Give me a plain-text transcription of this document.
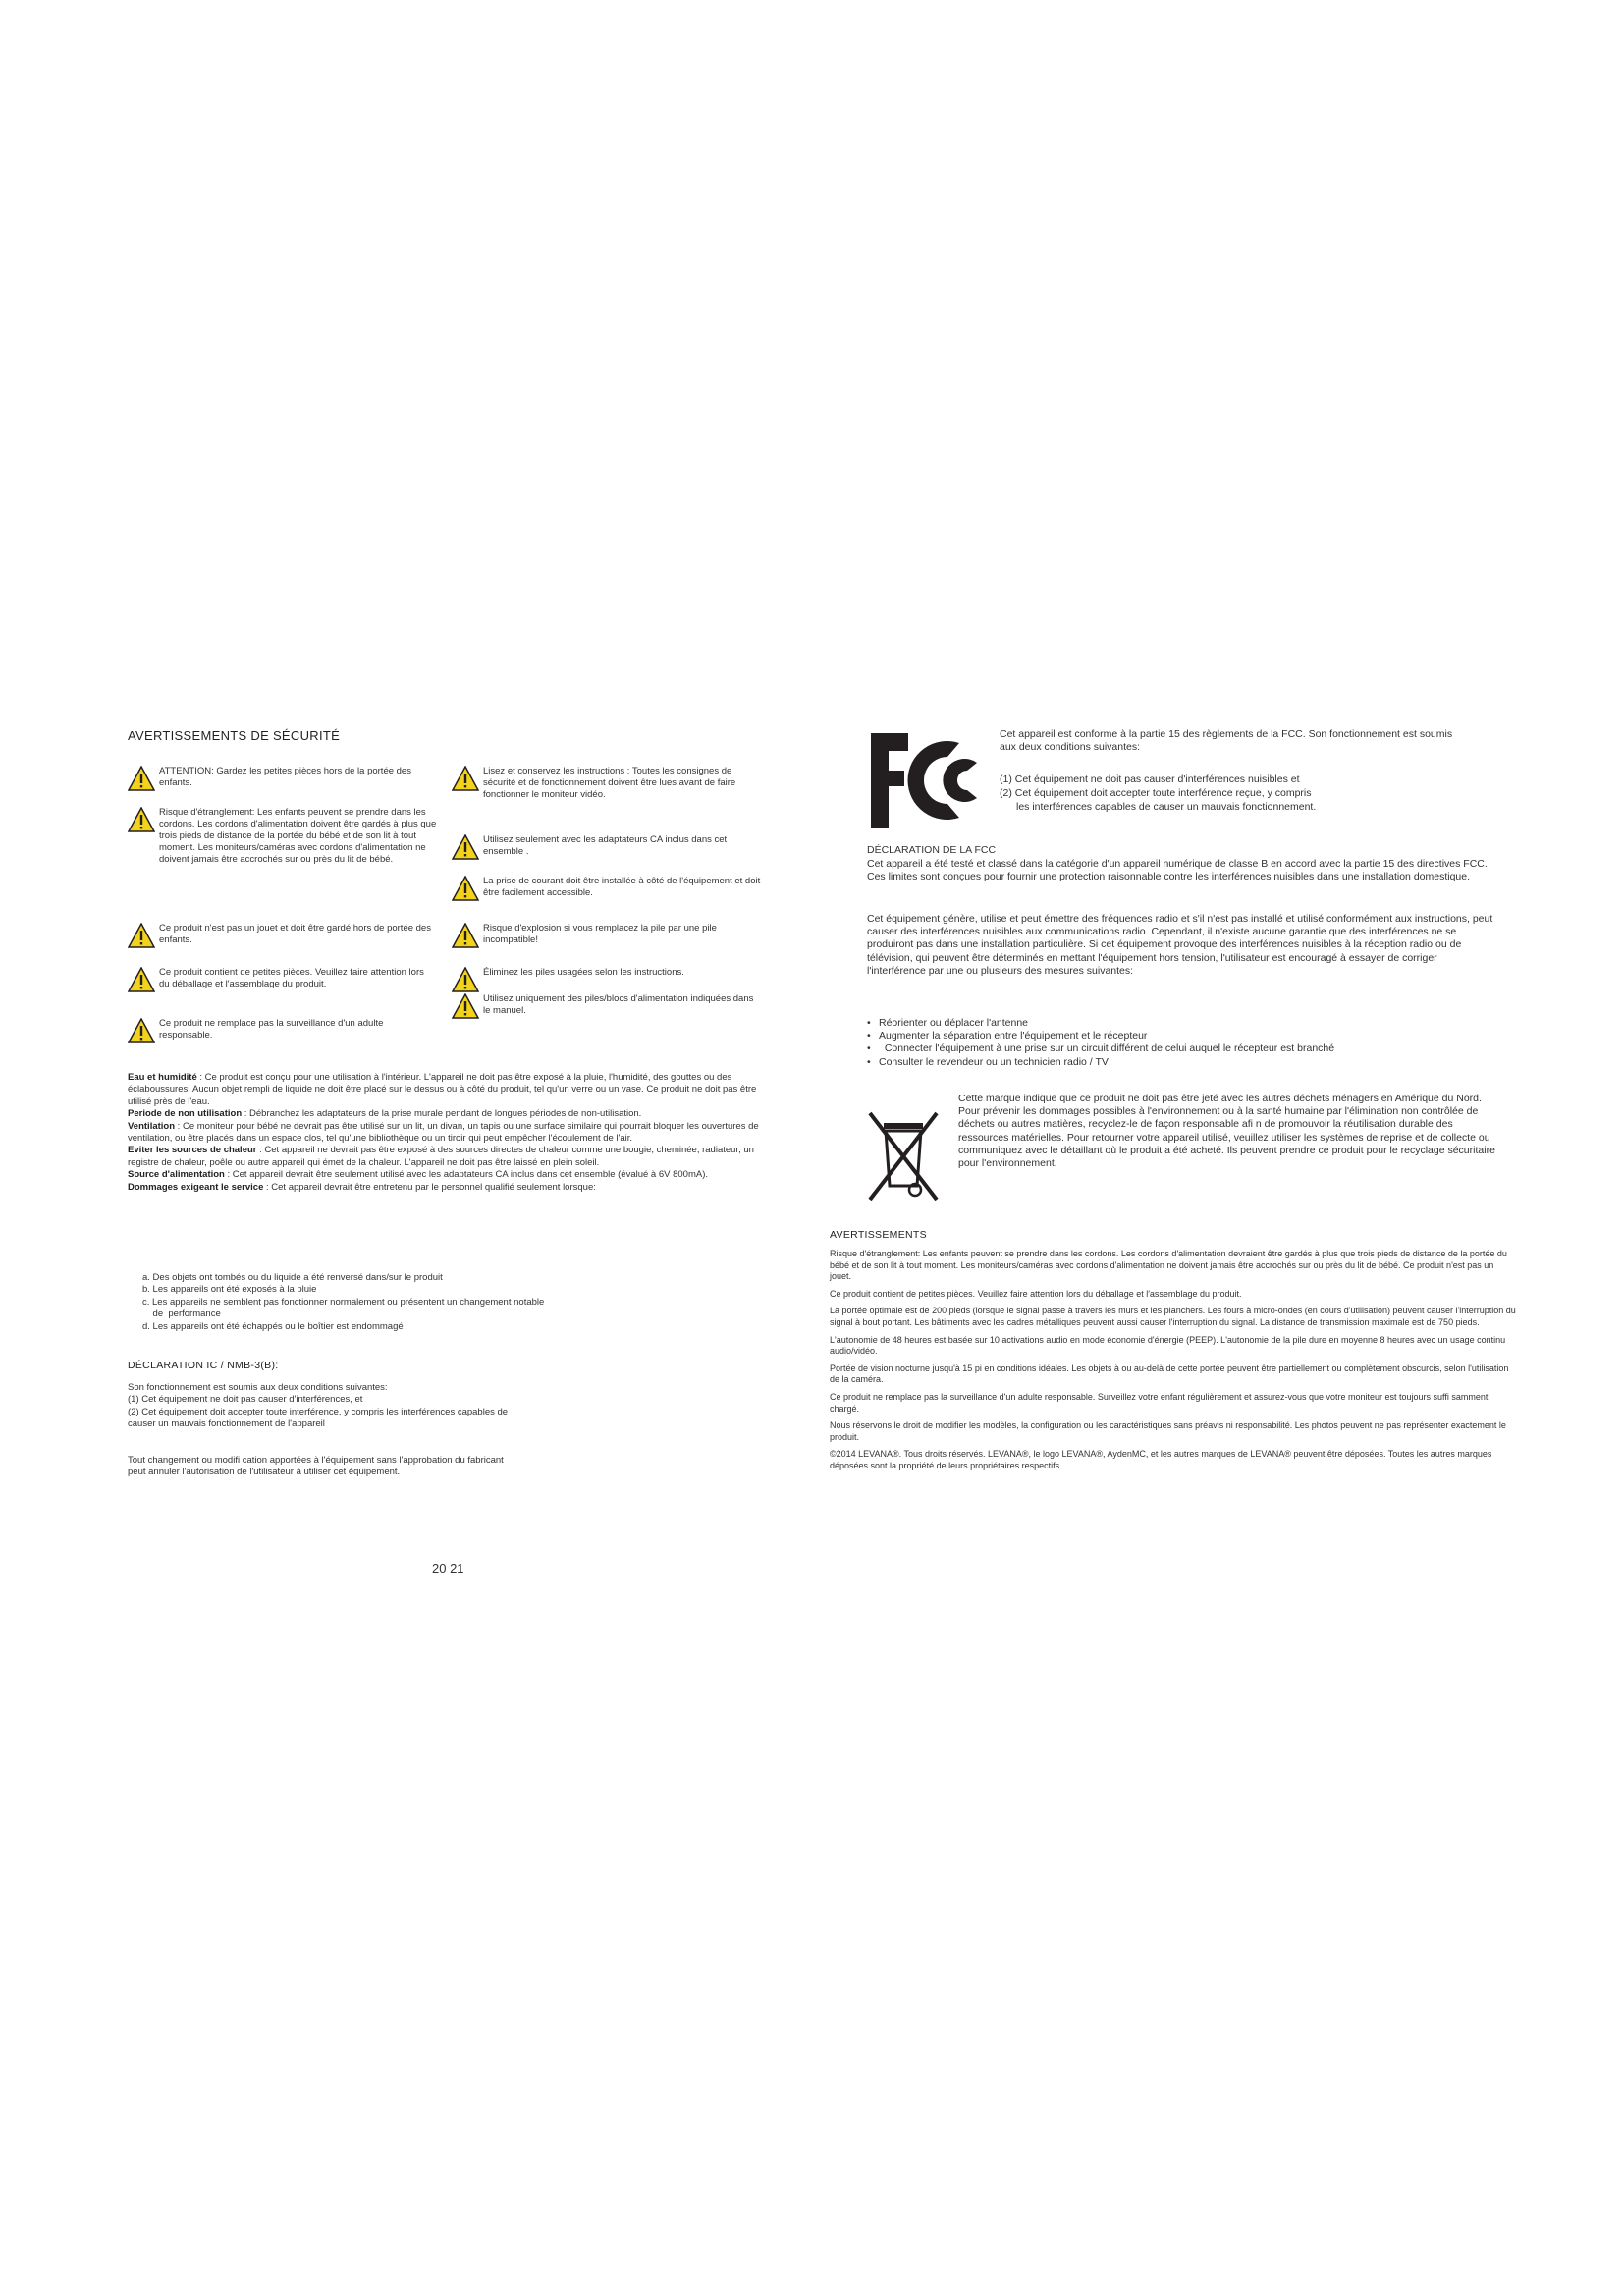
AVERTISSEMENTS DE SÉCURITÉ
ATTENTION: Gardez les petites pièces hors de la portée des enfants.
Risque d'étranglement: Les enfants peuvent se prendre dans les cordons. Les cordons d'alimentation doivent être gardés à plus que trois pieds de distance de la portée du bébé et de son lit à tout moment. Les moniteurs/caméras avec cordons d'alimentation ne doivent jamais être accrochés sur ou près du lit de bébé.
Ce produit n'est pas un jouet et doit être gardé hors de portée des enfants.
Ce produit contient de petites pièces. Veuillez faire attention lors du déballage et l'assemblage du produit.
Ce produit ne remplace pas la surveillance d'un adulte responsable.
Lisez et conservez les instructions : Toutes les consignes de sécurité et de fonctionnement doivent être lues avant de faire fonctionner le moniteur vidéo.
Utilisez seulement avec les adaptateurs CA inclus dans cet ensemble .
La prise de courant doit être installée à côté de l'équipement et doit être facilement accessible.
Risque d'explosion si vous remplacez la pile par une pile incompatible!
Éliminez les piles usagées selon les instructions.
Utilisez uniquement des piles/blocs d'alimentation indiquées dans le manuel.
Eau et humidité : Ce produit est conçu pour une utilisation à l'intérieur. L'appareil ne doit pas être exposé à la pluie, l'humidité, des gouttes ou des éclaboussures. Aucun objet rempli de liquide ne doit être placé sur le dessus ou à côté du produit, tel qu'un verre ou un vase. Ce produit ne doit pas être utilisé près de l'eau.
Periode de non utilisation : Débranchez les adaptateurs de la prise murale pendant de longues périodes de non-utilisation.
Ventilation : Ce moniteur pour bébé ne devrait pas être utilisé sur un lit, un divan, un tapis ou une surface similaire qui pourrait bloquer les ouvertures de ventilation, ou être placés dans un espace clos, tel qu'une bibliothèque ou un tiroir qui peut empêcher l'écoulement de l'air.
Eviter les sources de chaleur : Cet appareil ne devrait pas être exposé à des sources directes de chaleur comme une bougie, cheminée, radiateur, un registre de chaleur, poêle ou autre appareil qui émet de la chaleur. L'appareil ne doit pas être laissé en plein soleil.
Source d'alimentation : Cet appareil devrait être seulement utilisé avec les adaptateurs CA inclus dans cet ensemble (évalué à 6V 800mA).
Dommages exigeant le service : Cet appareil devrait être entretenu par le personnel qualifié seulement lorsque:
a. Des objets ont tombés ou du liquide a été renversé dans/sur le produit
b. Les appareils ont été exposés à la pluie
c. Les appareils ne semblent pas fonctionner normalement ou présentent un changement notable
de  performance
d. Les appareils ont été échappés ou le boîtier est endommagé
DÉCLARATION IC / NMB-3(B):
Son fonctionnement est soumis aux deux conditions suivantes:
(1) Cet équipement ne doit pas causer d'interférences, et
(2) Cet équipement doit accepter toute interférence, y compris les interférences capables de
causer un mauvais fonctionnement de l'appareil
Tout changement ou modifi cation apportées à l'équipement sans l'approbation du fabricant
peut annuler l'autorisation de l'utilisateur à utiliser cet équipement.
20 21
Cet appareil est conforme à la partie 15 des règlements de la FCC. Son fonctionnement est soumis aux deux conditions suivantes:
(1) Cet équipement ne doit pas causer d'interférences nuisibles et
(2) Cet équipement doit accepter toute interférence reçue, y compris
les interférences capables de causer un mauvais fonctionnement.
DÉCLARATION DE LA FCC
Cet appareil a été testé et classé dans la catégorie d'un appareil numérique de classe B en accord avec la partie 15 des directives FCC. Ces limites sont conçues pour fournir une protection raisonnable contre les interférences nuisibles dans une installation domestique.
Cet équipement génère, utilise et peut émettre des fréquences radio et s'il n'est pas installé et utilisé conformément aux instructions, peut causer des interférences nuisibles aux communications radio. Cependant, il n'existe aucune garantie que des interférences ne se produiront pas dans une installation particulière. Si cet équipement provoque des interférences nuisibles à la réception radio ou de télévision, qui peuvent être déterminés en mettant l'équipement hors tension, l'utilisateur est encouragé à essayer de corriger l'interférence par une ou plusieurs des mesures suivantes:
• Réorienter ou déplacer l'antenne
• Augmenter la séparation entre l'équipement et le récepteur
•   Connecter l'équipement à une prise sur un circuit différent de celui auquel le récepteur est branché
• Consulter le revendeur ou un technicien radio / TV
Cette marque indique que ce produit ne doit pas être jeté avec les autres déchets ménagers en Amérique du Nord. Pour prévenir les dommages possibles à l'environnement ou à la santé humaine par l'élimination non contrôlée de déchets ou autres matières, recyclez-le de façon responsable afi n de promouvoir la réutilisation durable des ressources matérielles. Pour retourner votre appareil utilisé, veuillez utiliser les systèmes de reprise et de collecte ou communiquez avec le détaillant où le produit a été acheté. Ils peuvent prendre ce produit pour le recyclage sécuritaire pour l'environnement.
AVERTISSEMENTS
Risque d'étranglement: Les enfants peuvent se prendre dans les cordons. Les cordons d'alimentation devraient être gardés à plus que trois pieds de distance de la portée du bébé et de son lit à tout moment. Les moniteurs/caméras avec cordons d'alimentation ne doivent jamais être accrochés sur ou près du lit de bébé. Ce produit n'est pas un jouet.
Ce produit contient de petites pièces. Veuillez faire attention lors du déballage et l'assemblage du produit.
La portée optimale est de 200 pieds (lorsque le signal passe à travers les murs et les planchers. Les fours à micro-ondes (en cours d'utilisation) peuvent causer l'interruption du signal à bout portant. Les bâtiments avec les cadres métalliques peuvent aussi causer l'interruption du signal. La distance de transmission maximale est de 750 pieds.
L'autonomie de 48 heures est basée sur 10 activations audio en mode économie d'énergie (PEEP). L'autonomie de la pile dure en moyenne 8 heures avec un usage continu audio/vidéo.
Portée de vision nocturne jusqu'à 15 pi en conditions idéales. Les objets à ou au-delà de cette portée peuvent être partiellement ou complètement obscurcis, selon l'utilisation de la caméra.
Ce produit ne remplace pas la surveillance d'un adulte responsable. Surveillez votre enfant régulièrement et assurez-vous que votre moniteur est toujours suffi samment chargé.
Nous réservons le droit de modifier les modèles, la configuration ou les caractéristiques sans préavis ni responsabilité. Les photos peuvent ne pas représenter exactement le produit.
©2014 LEVANA®. Tous droits réservés. LEVANA®, le logo LEVANA®, AydenMC, et les autres marques de LEVANA® peuvent être déposées. Toutes les autres marques déposées sont la propriété de leurs propriétaires respectifs.
